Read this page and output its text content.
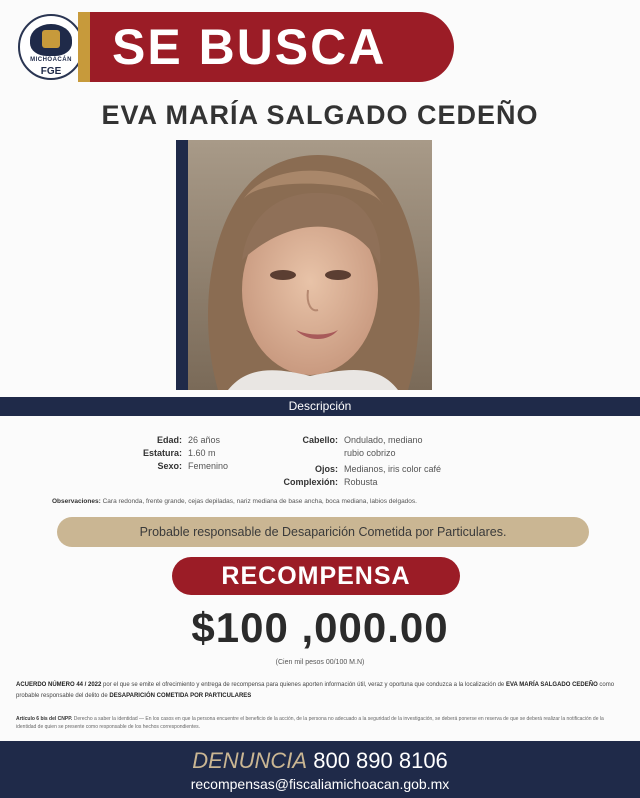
MICHOACÁN
FGE	SE BUSCA
EVA MARÍA SALGADO CEDEÑO
Descripción
Edad: 26 años
Estatura: 1.60 m
Sexo: Femenino
Cabello: Ondulado, mediano
rubio cobrizo
Ojos: Medianos, iris color café
Complexión: Robusta
Observaciones: Cara redonda, frente grande, cejas depiladas, nariz mediana de base ancha, boca mediana, labios delgados.
Probable responsable de Desaparición Cometida por Particulares.
RECOMPENSA
$100 ,000.00
(Cien mil pesos 00/100 M.N)
ACUERDO NÚMERO 44 / 2022 por el que se emite el ofrecimiento y entrega de recompensa para quienes aporten información útil, veraz y oportuna que conduzca a la localización de EVA MARÍA SALGADO CEDEÑO como probable responsable del delito de DESAPARICIÓN COMETIDA POR PARTICULARES
Artículo 6 bis del CNPP. Derecho a saber la identidad — En los casos en que la persona encuentre el beneficio de la acción, de la persona no adecuado a la seguridad de la investigación, se deberá ponerse en reserva de que se deberá realizar la notificación de la identidad de quien se presente como responsable de los hechos correspondientes.
DENUNCIA 800 890 8106
recompensas@fiscaliamichoacan.gob.mx
